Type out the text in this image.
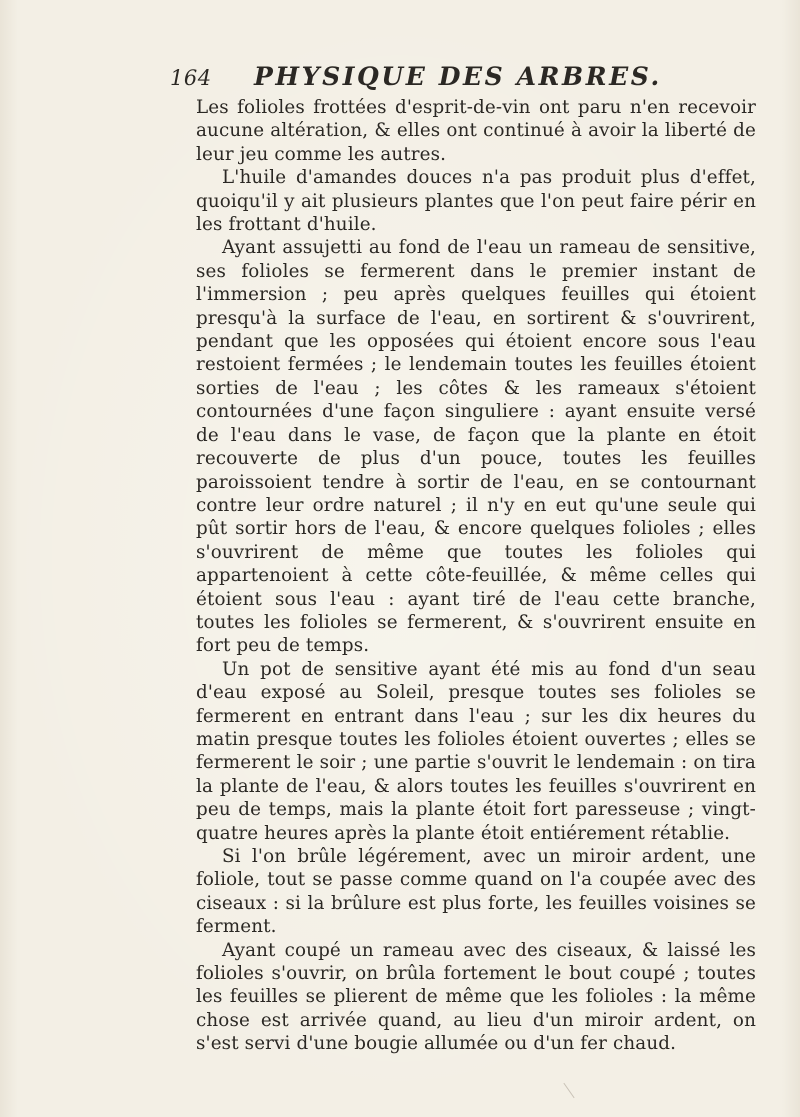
164 PHYSIQUE DES ARBRES.

Les folioles frottées d'esprit-de-vin ont paru n'en recevoir aucune altération, & elles ont continué à avoir la liberté de leur jeu comme les autres.

L'huile d'amandes douces n'a pas produit plus d'effet, quoiqu'il y ait plusieurs plantes que l'on peut faire périr en les frottant d'huile.

Ayant assujetti au fond de l'eau un rameau de sensitive, ses folioles se fermerent dans le premier instant de l'immersion ; peu après quelques feuilles qui étoient presqu'à la surface de l'eau, en sortirent & s'ouvrirent, pendant que les opposées qui étoient encore sous l'eau restoient fermées ; le lendemain toutes les feuilles étoient sorties de l'eau ; les côtes & les rameaux s'étoient contournées d'une façon singuliere : ayant ensuite versé de l'eau dans le vase, de façon que la plante en étoit recouverte de plus d'un pouce, toutes les feuilles paroissoient tendre à sortir de l'eau, en se contournant contre leur ordre naturel ; il n'y en eut qu'une seule qui pût sortir hors de l'eau, & encore quelques folioles ; elles s'ouvrirent de même que toutes les folioles qui appartenoient à cette côte-feuillée, & même celles qui étoient sous l'eau : ayant tiré de l'eau cette branche, toutes les folioles se fermerent, & s'ouvrirent ensuite en fort peu de temps.

Un pot de sensitive ayant été mis au fond d'un seau d'eau exposé au Soleil, presque toutes ses folioles se fermerent en entrant dans l'eau ; sur les dix heures du matin presque toutes les folioles étoient ouvertes ; elles se fermerent le soir ; une partie s'ouvrit le lendemain : on tira la plante de l'eau, & alors toutes les feuilles s'ouvrirent en peu de temps, mais la plante étoit fort paresseuse ; vingt-quatre heures après la plante étoit entiérement rétablie.

Si l'on brûle légérement, avec un miroir ardent, une foliole, tout se passe comme quand on l'a coupée avec des ciseaux : si la brûlure est plus forte, les feuilles voisines se ferment.

Ayant coupé un rameau avec des ciseaux, & laissé les folioles s'ouvrir, on brûla fortement le bout coupé ; toutes les feuilles se plierent de même que les folioles : la même chose est arrivée quand, au lieu d'un miroir ardent, on s'est servi d'une bougie allumée ou d'un fer chaud.
